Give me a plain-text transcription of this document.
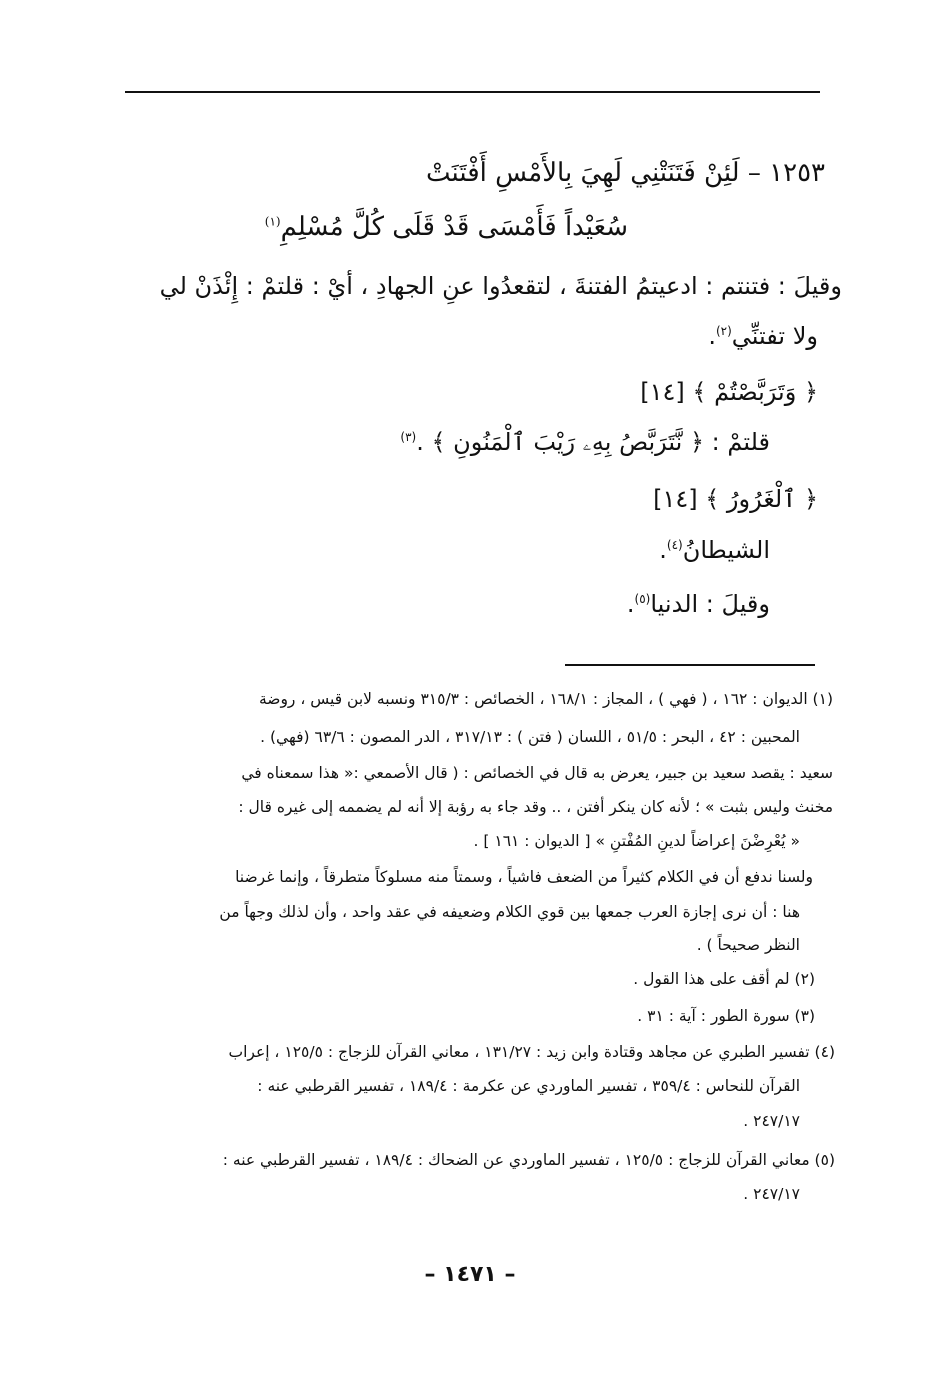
١٢٥٣ – لَئِنْ فَتَنَتْنِي لَهِيَ بِالأَمْسِ أَفْتَنَتْ
سُعَيْداً فَأَمْسَى قَدْ قَلَى كُلَّ مُسْلِمِ$^{(١)}$
وقيلَ : فتنتم : ادعيتمُ الفتنةَ ، لتقعدُوا عنِ الجهادِ ، أيْ : قلتمْ : إِئْذَنْ لي
ولا تفتنِّي$^{(٢)}$.
﴿ وَتَرَبَّصْتُمْ ﴾ [١٤]
قلتمْ : ﴿ نَّتَرَبَّصُ بِهِۦ رَيْبَ ٱلْمَنُونِ ﴾ .$^{(٣)}$
﴿ ٱلْغَرُورُ ﴾ [١٤]
الشيطانُ$^{(٤)}$.
وقيلَ : الدنيا$^{(٥)}$.
(١) الديوان : ١٦٢ ، ( فهي ) ، المجاز : ١٦٨/١ ، الخصائص : ٣١٥/٣ ونسبه لابن قيس ، روضة
المحبين : ٤٢ ، البحر : ٥١/٥ ، اللسان ( فتن ) : ٣١٧/١٣ ، الدر المصون : ٦٣/٦ (فهي) .
سعيد : يقصد سعيد بن جبير، يعرض به قال في الخصائص : ( قال الأصمعي :« هذا سمعناه في
مخنث وليس بثبت » ؛ لأنه كان ينكر أفتن ، .. وقد جاء به رؤبة إلا أنه لم يضممه إلى غيره قال :
« يُعْرِضْنَ إعراضاً لدينِ المُفْتنِ » [ الديوان : ١٦١ ] .
ولسنا ندفع أن في الكلام كثيراً من الضعف فاشياً ، وسمتاً منه مسلوكاً متطرقاً ، وإنما غرضنا
هنا : أن نرى إجازة العرب جمعها بين قوي الكلام وضعيفه في عقد واحد ، وأن لذلك وجهاً من
النظر صحيحاً ) .
(٢) لم أقف على هذا القول .
(٣) سورة الطور : آية : ٣١ .
(٤) تفسير الطبري عن مجاهد وقتادة وابن زيد : ١٣١/٢٧ ، معاني القرآن للزجاج : ١٢٥/٥ ، إعراب
القرآن للنحاس : ٣٥٩/٤ ، تفسير الماوردي عن عكرمة : ١٨٩/٤ ، تفسير القرطبي عنه :
٢٤٧/١٧ .
(٥) معاني القرآن للزجاج : ١٢٥/٥ ، تفسير الماوردي عن الضحاك : ١٨٩/٤ ، تفسير القرطبي عنه :
٢٤٧/١٧ .
– ١٤٧١ –
